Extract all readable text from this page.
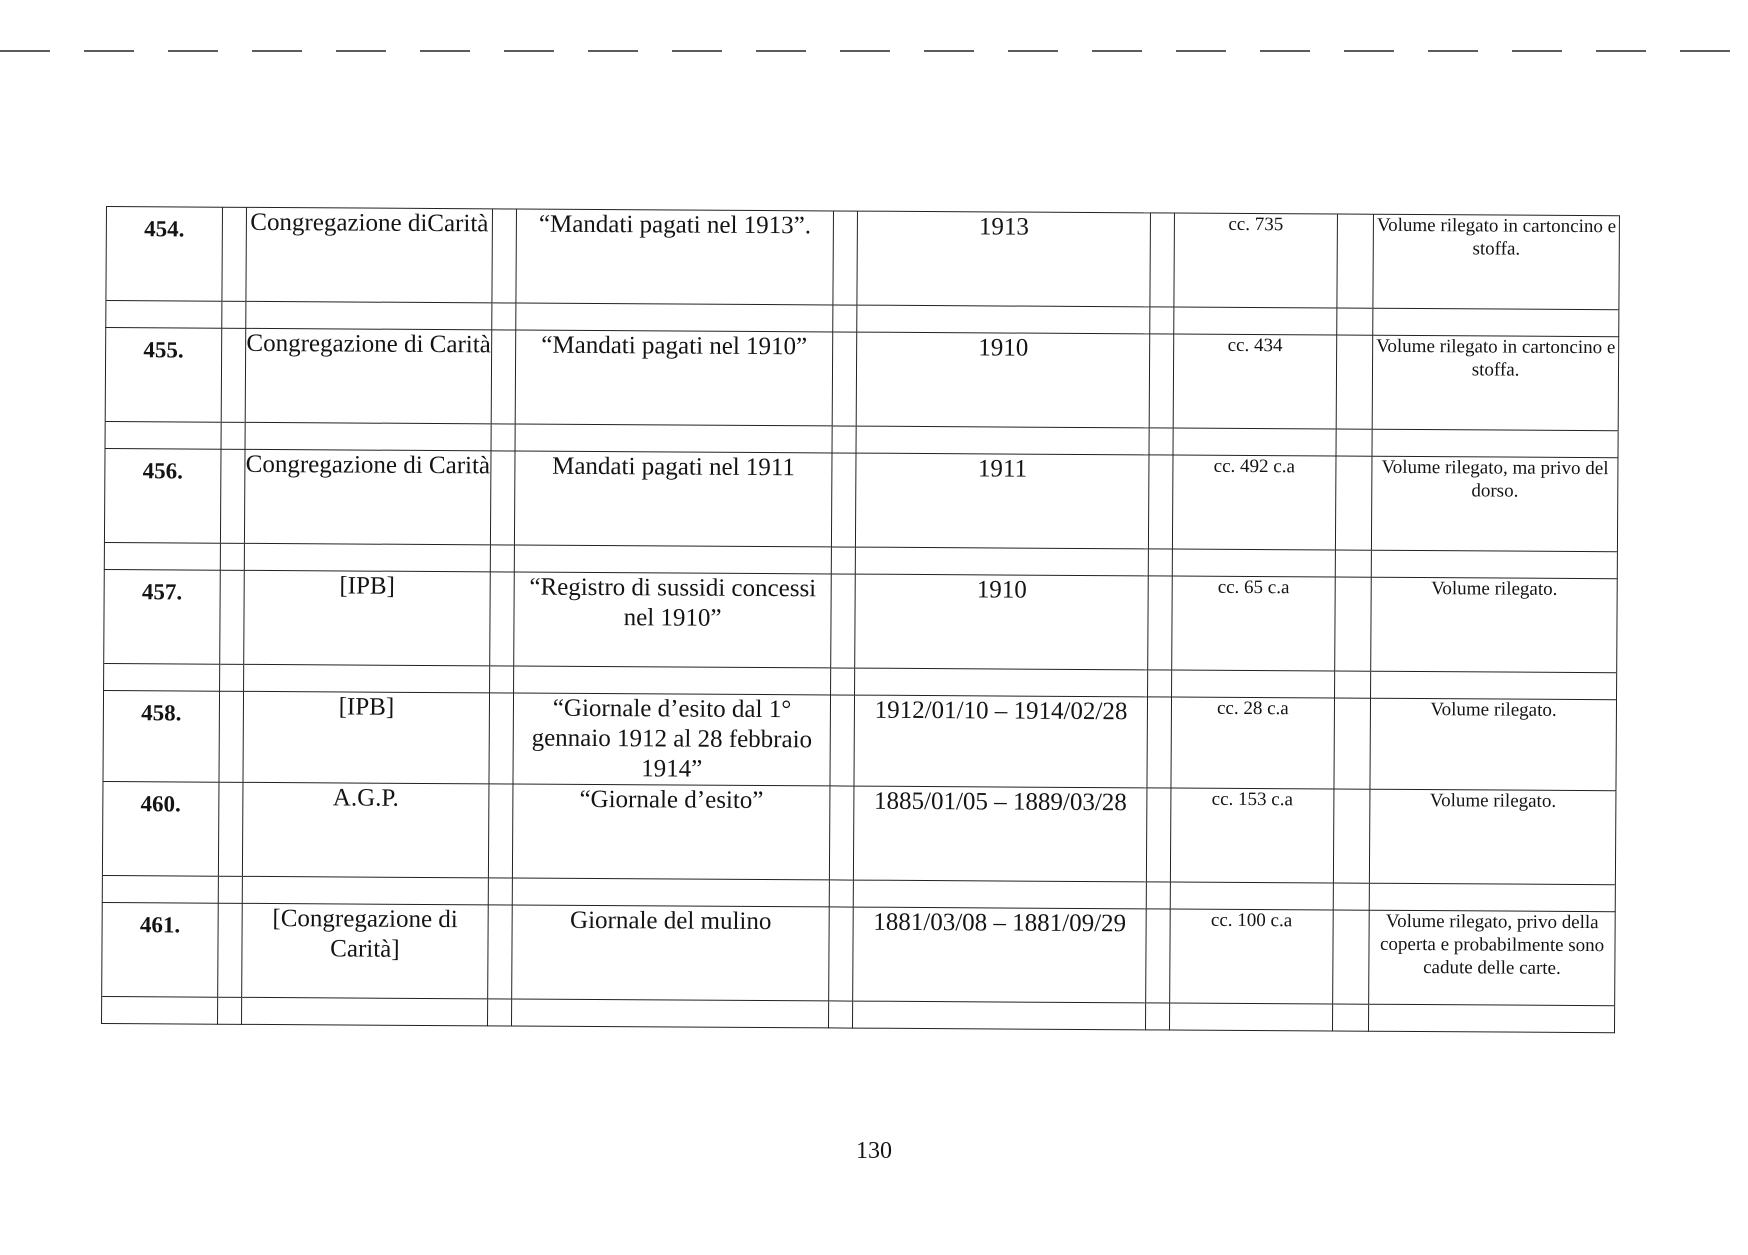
454.		Congregazione diCarità		“Mandati pagati nel 1913”.		1913		cc. 735		Volume rilegato in cartoncino e stoffa.

455.		Congregazione di Carità		“Mandati pagati nel 1910”		1910		cc. 434		Volume rilegato in cartoncino e stoffa.

456.		Congregazione di Carità		Mandati pagati nel 1911		1911		cc. 492 c.a		Volume rilegato, ma privo del dorso.

457.		[IPB]		“Registro di sussidi concessi nel 1910”		1910		cc. 65 c.a		Volume rilegato.

458.		[IPB]		“Giornale d’esito dal 1° gennaio 1912 al 28 febbraio 1914”		1912/01/10 – 1914/02/28		cc. 28 c.a		Volume rilegato.
460.		A.G.P.		“Giornale d’esito”		1885/01/05 – 1889/03/28		cc. 153 c.a		Volume rilegato.

461.		[Congregazione di Carità]		Giornale del mulino		1881/03/08 – 1881/09/29		cc. 100 c.a		Volume rilegato, privo della coperta e probabilmente sono cadute delle carte.

130
